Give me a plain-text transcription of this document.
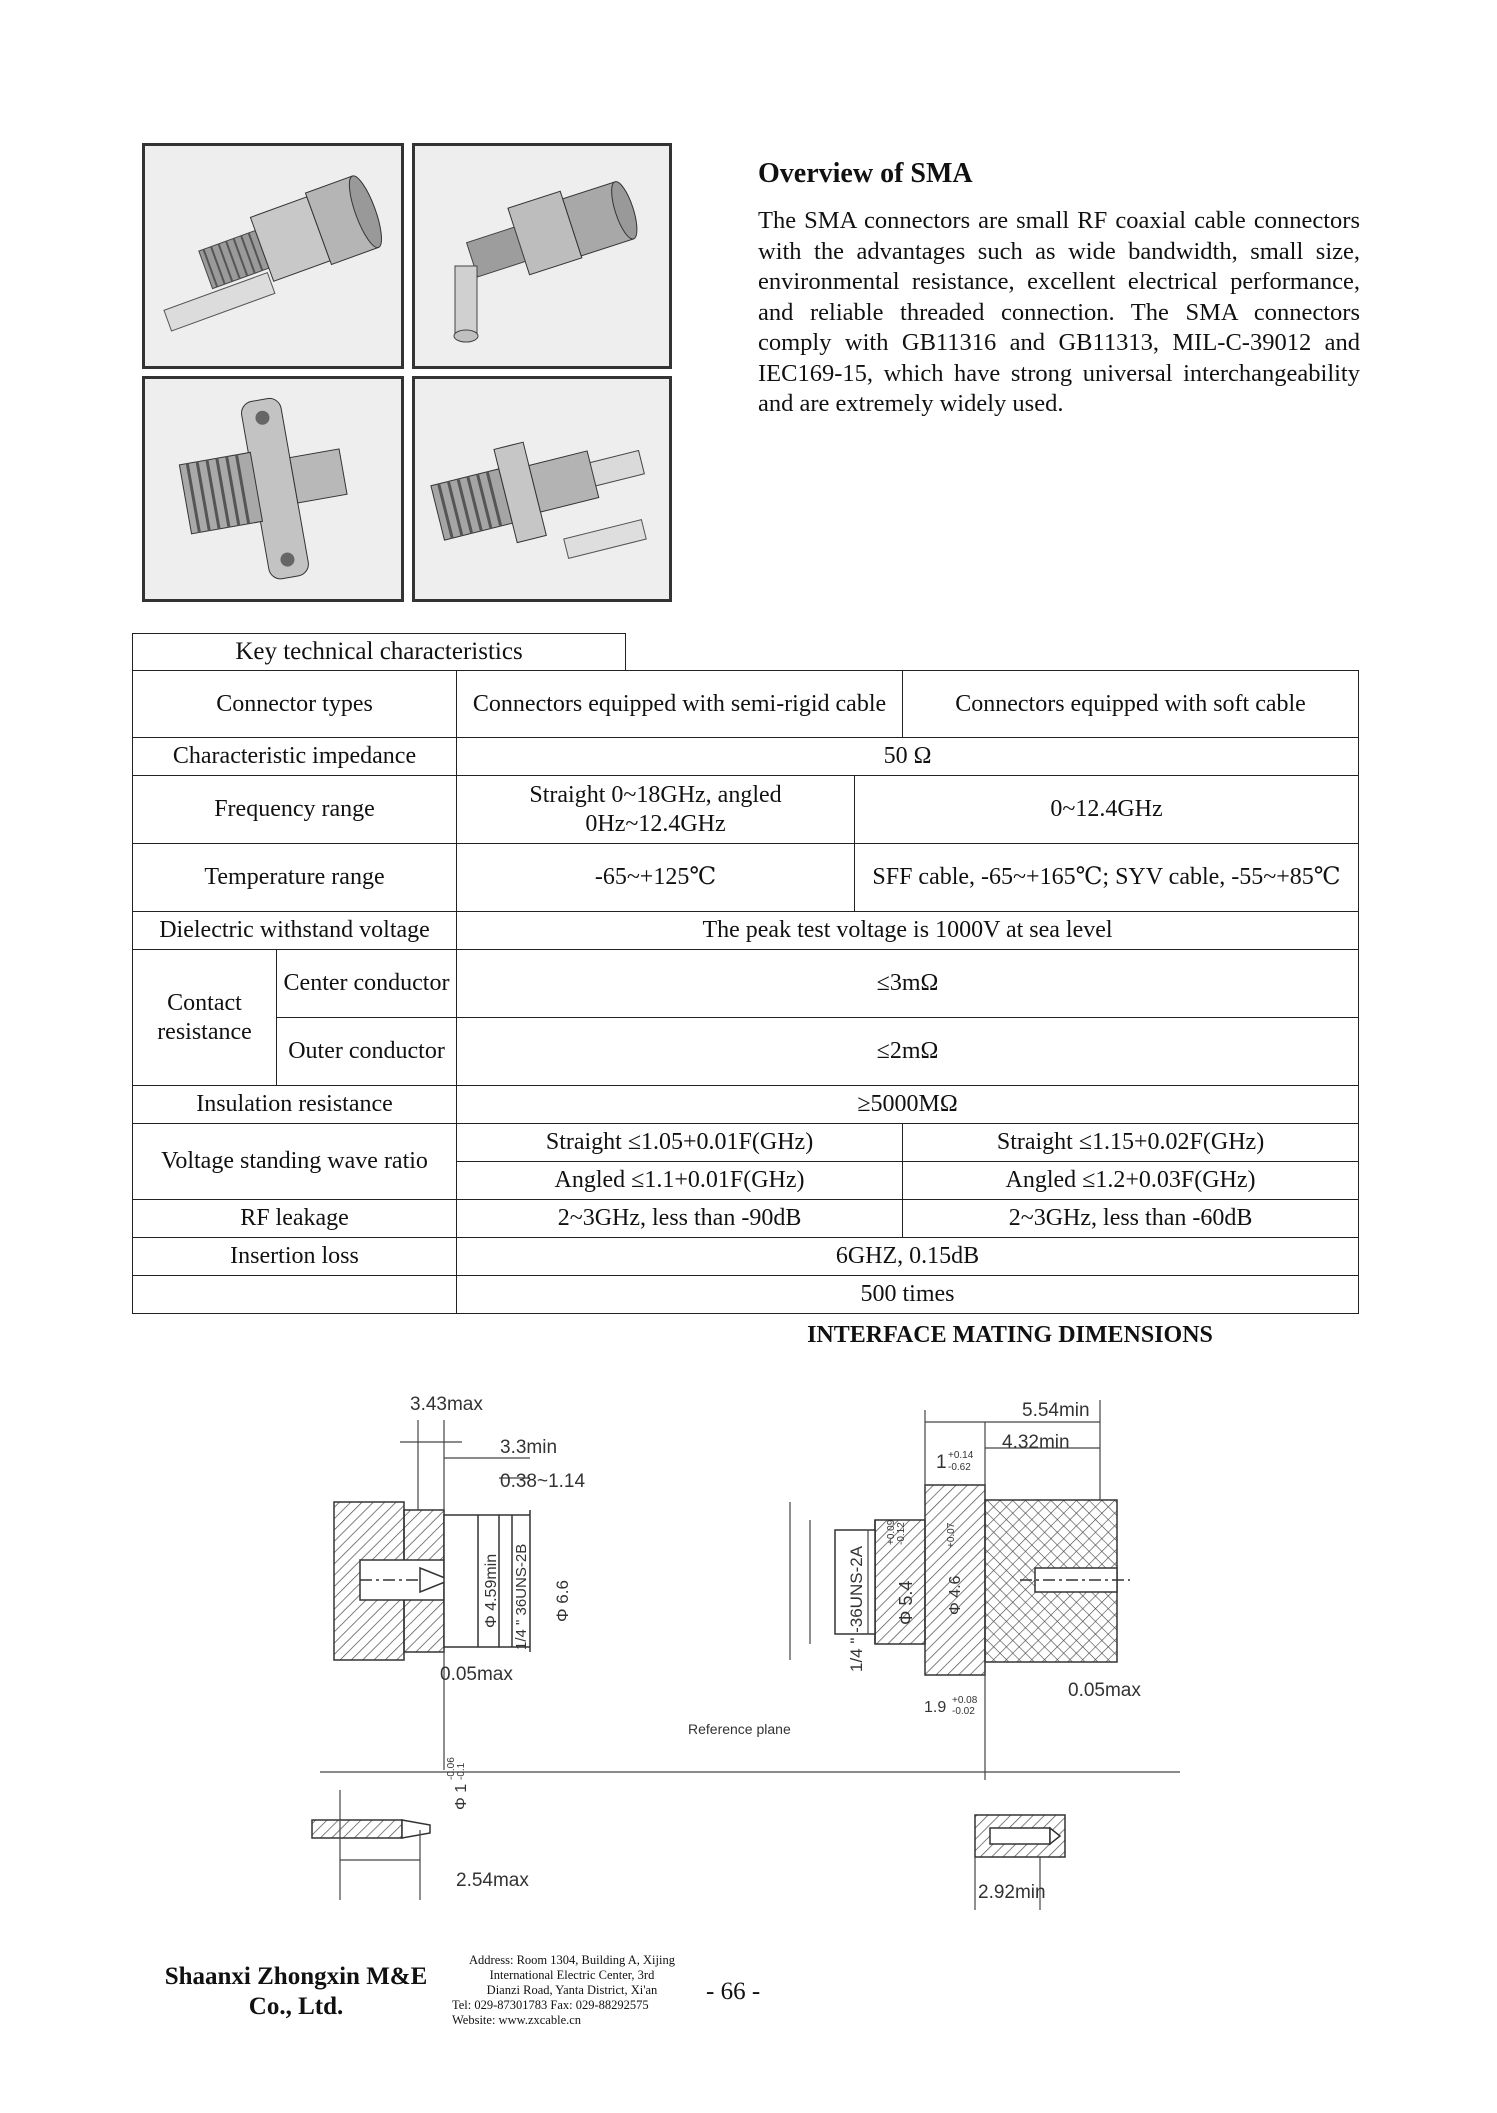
Overview of SMA
The SMA connectors are small RF coaxial cable connectors with the advantages such as wide bandwidth, small size, environmental resistance, excellent electrical performance, and reliable threaded connection. The SMA connectors comply with GB11316 and GB11313, MIL-C-39012 and IEC169-15, which have strong universal interchangeability and are extremely widely used.
Key technical characteristics
Connector types		Connectors equipped with semi-rigid cable		Connectors equipped with soft cable
Characteristic impedance		50 Ω		
Frequency range		Straight 0~18GHz, angled 0Hz~12.4GHz	0~12.4GHz	
Temperature range		-65~+125℃	SFF cable, -65~+165℃; SYV cable, -55~+85℃	
Dielectric withstand voltage		The peak test voltage is 1000V at sea level		
Contact resistance	Center conductor	≤3mΩ		
	Outer conductor	≤2mΩ		
Insulation resistance		≥5000MΩ		
Voltage standing wave ratio		Straight ≤1.05+0.01F(GHz)		Straight ≤1.15+0.02F(GHz)
		Angled ≤1.1+0.01F(GHz)		Angled ≤1.2+0.03F(GHz)
RF leakage		2~3GHz, less than -90dB		2~3GHz, less than -60dB
Insertion loss		6GHZ, 0.15dB		
		500 times		
INTERFACE MATING DIMENSIONS
3.43max
3.3min
0.38~1.14
Φ 4.59min 1/4 " 36UNS-2B Φ 6.6
0.05max
Φ 1
-0.06 -0.1
2.54max
Reference plane
5.54min
4.32min
1 +0.14
-0.62
1/4 " -36UNS-2A Φ 5.4
+0.09 -0.12
Φ 4.6
+0.07
1.9 +0.08
-0.02
0.05max
2.92min
Shaanxi Zhongxin M&E
Co., Ltd.
Address: Room 1304, Building A, Xijing
International Electric Center, 3rd
Dianzi Road, Yanta District, Xi'an
Tel: 029-87301783 Fax: 029-88292575
Website: www.zxcable.cn
- 66 -
